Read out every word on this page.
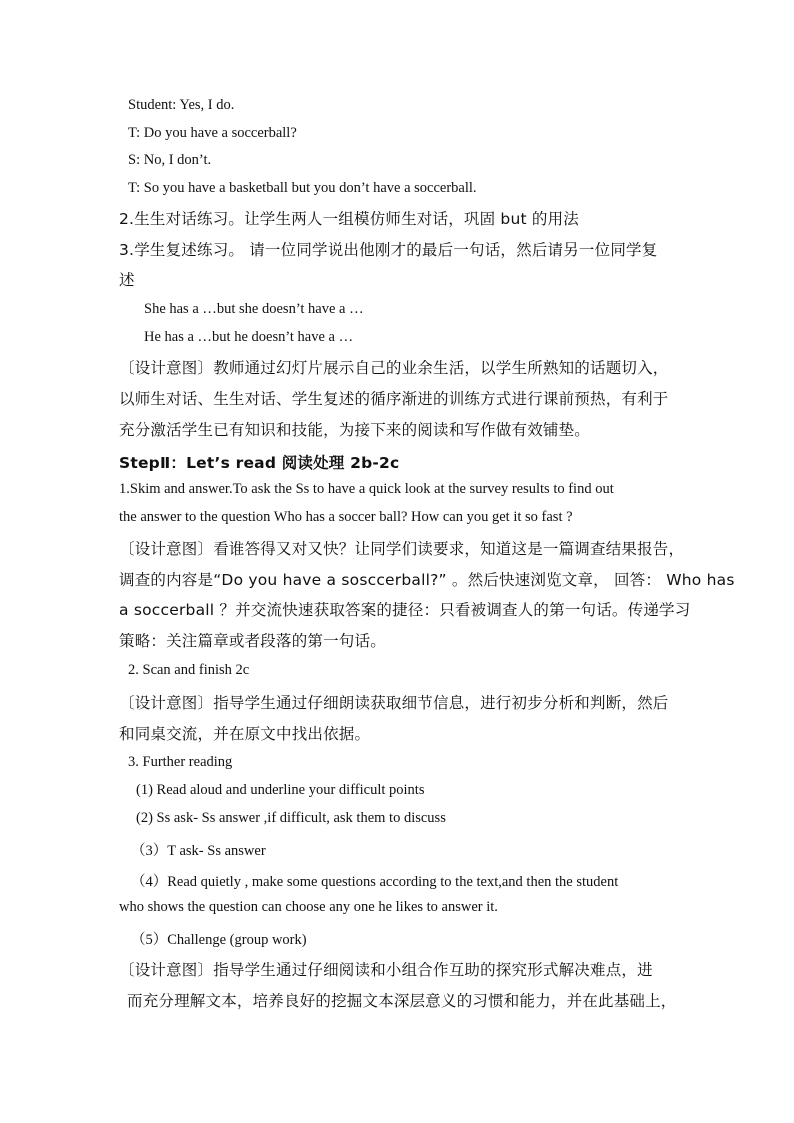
Student: Yes, I do.
T: Do you have a soccerball?
S: No, I don’t.
T: So you have a basketball but you don’t have a soccerball.
2.生生对话练习。让学生两人一组模仿师生对话，巩固 but 的用法
3.学生复述练习。 请一位同学说出他刚才的最后一句话，然后请另一位同学复
述
She has a …but she doesn’t have a …
He has a …but he doesn’t have a …
〔设计意图〕教师通过幻灯片展示自己的业余生活，以学生所熟知的话题切入，
以师生对话、生生对话、学生复述的循序渐进的训练方式进行课前预热，有利于
充分激活学生已有知识和技能，为接下来的阅读和写作做有效铺垫。
StepⅡ：Let’s read 阅读处理 2b-2c
1.Skim and answer.To ask the Ss to have a quick look at the survey results to find out
the answer to the question Who has a soccer ball? How can you get it so fast ?
〔设计意图〕看谁答得又对又快？让同学们读要求，知道这是一篇调查结果报告，
调查的内容是“Do you have a sosccerball?” 。然后快速浏览文章， 回答： Who has
a soccerball ？并交流快速获取答案的捷径：只看被调查人的第一句话。传递学习
策略：关注篇章或者段落的第一句话。
2. Scan and finish 2c
〔设计意图〕指导学生通过仔细朗读获取细节信息，进行初步分析和判断，然后
和同桌交流，并在原文中找出依据。
3. Further reading
(1) Read aloud and underline your difficult points
(2) Ss ask- Ss answer ,if difficult, ask them to discuss
（3）T ask- Ss answer
（4）Read quietly , make some questions according to the text,and then the student
who shows the question can choose any one he likes to answer it.
（5）Challenge (group work)
〔设计意图〕指导学生通过仔细阅读和小组合作互助的探究形式解决难点，进
而充分理解文本，培养良好的挖掘文本深层意义的习惯和能力，并在此基础上，
